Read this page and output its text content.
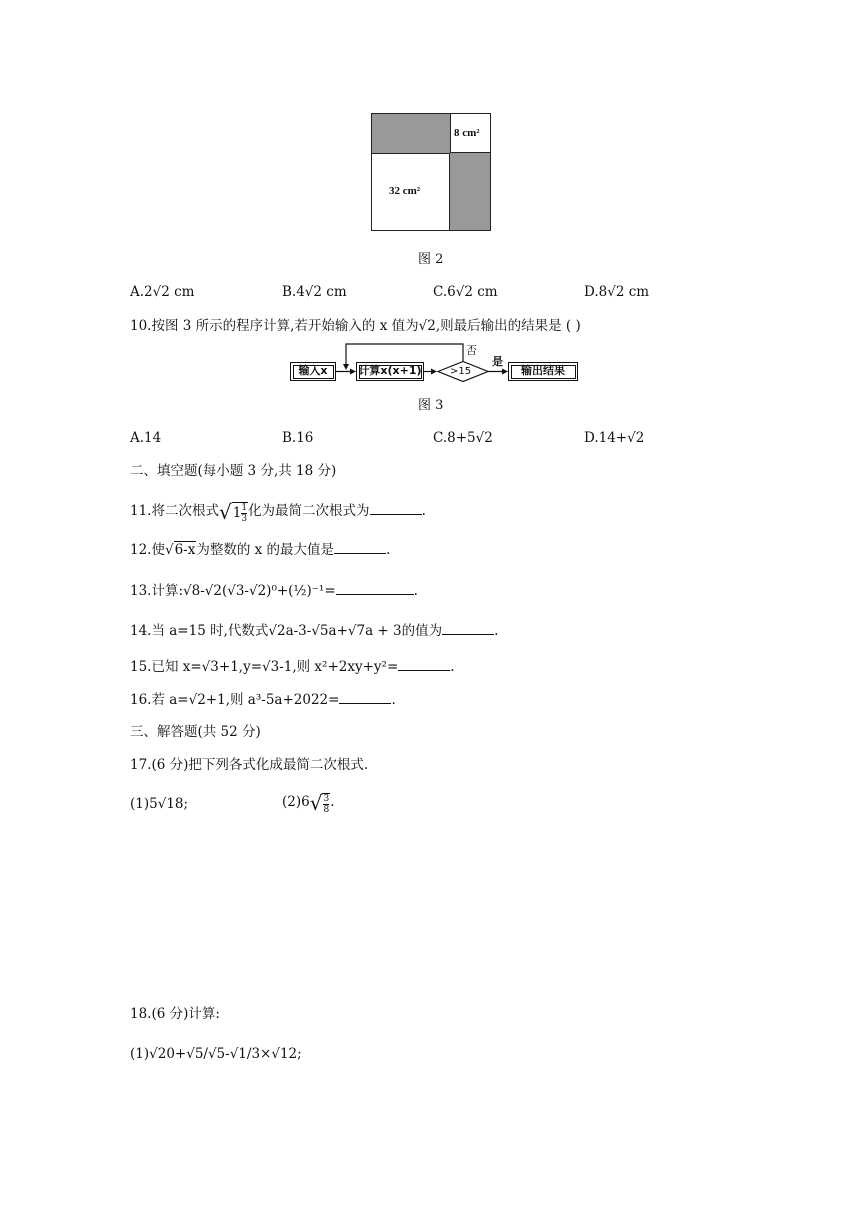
8 cm²
32 cm²
图 2
A.2√2 cm	B.4√2 cm	C.6√2 cm	D.8√2 cm
10.按图 3 所示的程序计算,若开始输入的 x 值为√2,则最后输出的结果是 ( )
输入x	计算x(x+1)	输出结果
>15
否
是
图 3
A.14	B.16	C.8+5√2	D.14+√2
二、填空题(每小题 3 分,共 18 分)
11.将二次根式$√1 \frac{1}{3}$ 化为最简二次根式为	.
12.使√6-x为整数的 x 的最大值是	.
13.计算:√8-√2(√3-√2)⁰+(½)⁻¹=	.
14.当 a=15 时,代数式√2a-3-√5a+√7a + 3的值为	.
15.已知 x=√3+1,y=√3-1,则 x²+2xy+y²=	.
16.若 a=√2+1,则 a³-5a+2022=	.
三、解答题(共 52 分)
17.(6 分)把下列各式化成最简二次根式.
(1)5√18;	$(2)6√ \frac{3}{8}$ .
18.(6 分)计算:
(1)√20+√5/√5-√1/3×√12;
